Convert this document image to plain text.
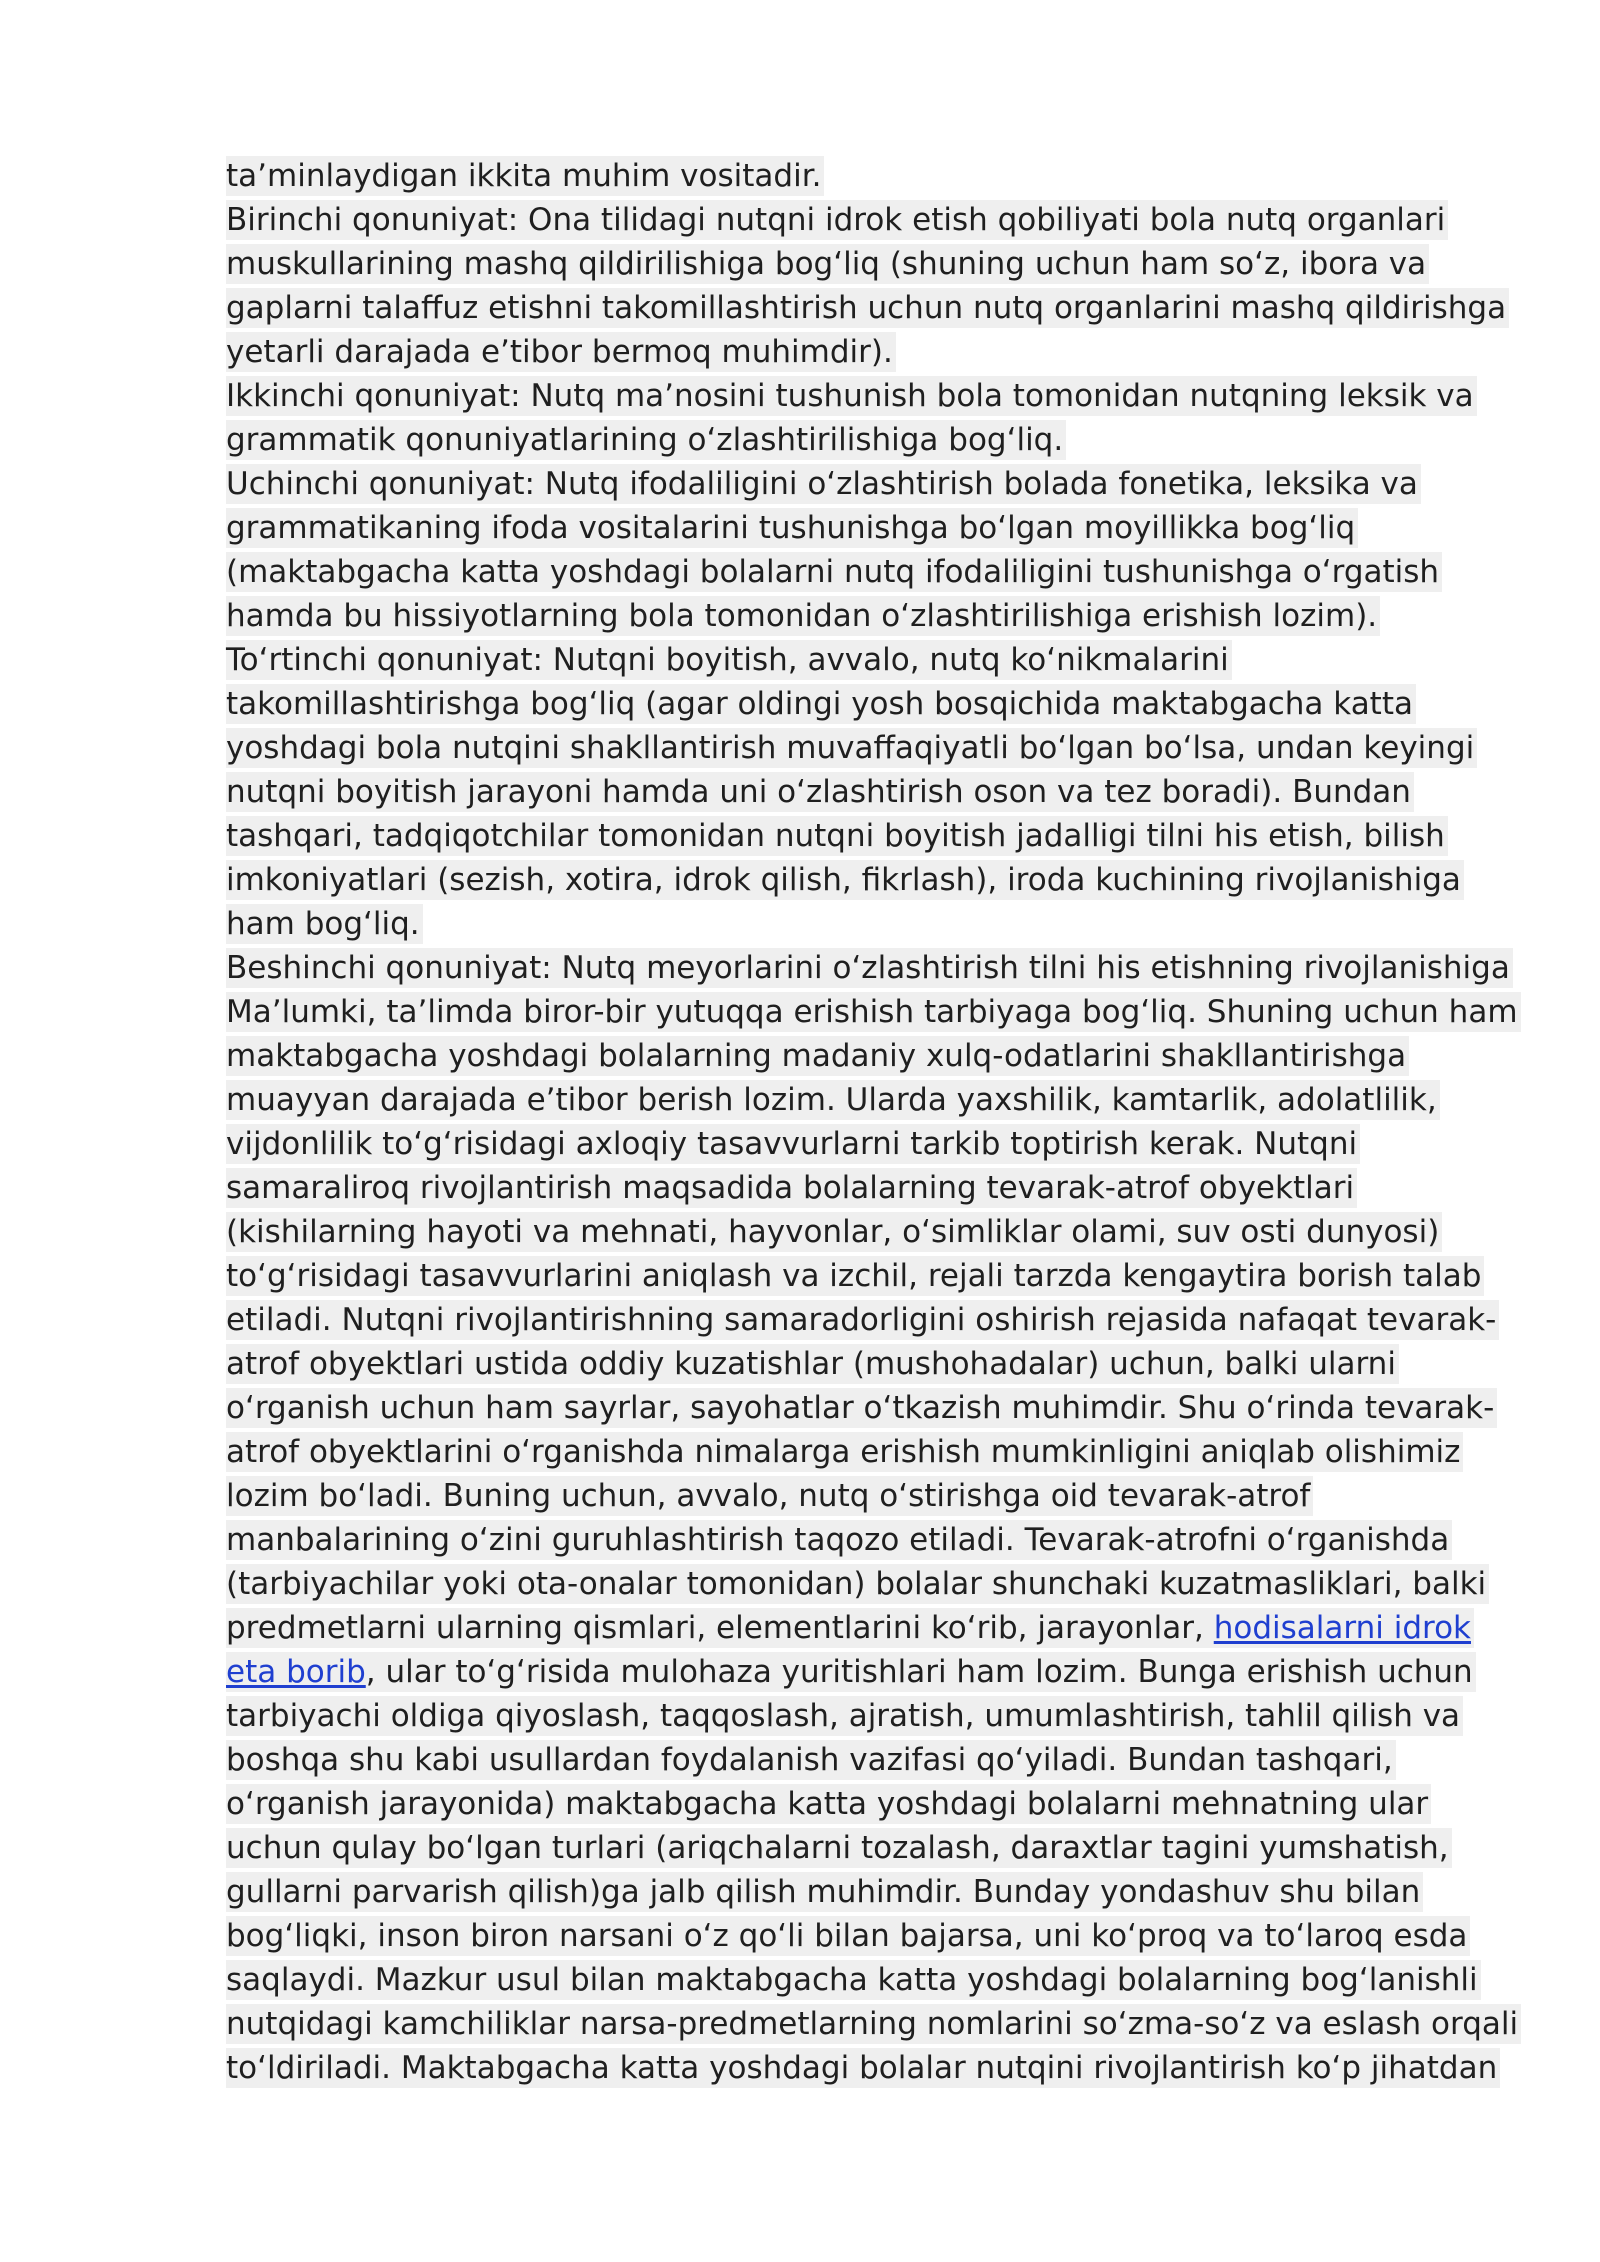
ta’minlaydigan ikkita muhim vositadir.
Birinchi qonuniyat: Ona tilidagi nutqni idrok etish qobiliyati bola nutq organlari
muskullarining mashq qildirilishiga bog‘liq (shuning uchun ham so‘z, ibora va
gaplarni talaffuz etishni takomillashtirish uchun nutq organlarini mashq qildirishga
yetarli darajada e’tibor bermoq muhimdir).
Ikkinchi qonuniyat: Nutq ma’nosini tushunish bola tomonidan nutqning leksik va
grammatik qonuniyatlarining o‘zlashtirilishiga bog‘liq.
Uchinchi qonuniyat: Nutq ifodaliligini o‘zlashtirish bolada fonetika, leksika va
grammatikaning ifoda vositalarini tushunishga bo‘lgan moyillikka bog‘liq
(maktabgacha katta yoshdagi bolalarni nutq ifodaliligini tushunishga o‘rgatish
hamda bu hissiyotlarning bola tomonidan o‘zlashtirilishiga erishish lozim).
To‘rtinchi qonuniyat: Nutqni boyitish, avvalo, nutq ko‘nikmalarini
takomillashtirishga bog‘liq (agar oldingi yosh bosqichida maktabgacha katta
yoshdagi bola nutqini shakllantirish muvaffaqiyatli bo‘lgan bo‘lsa, undan keyingi
nutqni boyitish jarayoni hamda uni o‘zlashtirish oson va tez boradi). Bundan
tashqari, tadqiqotchilar tomonidan nutqni boyitish jadalligi tilni his etish, bilish
imkoniyatlari (sezish, xotira, idrok qilish, fikrlash), iroda kuchining rivojlanishiga
ham bog‘liq.
Beshinchi qonuniyat: Nutq meyorlarini o‘zlashtirish tilni his etishning rivojlanishiga
Ma’lumki, ta’limda biror-bir yutuqqa erishish tarbiyaga bog‘liq. Shuning uchun ham
maktabgacha yoshdagi bolalarning madaniy xulq-odatlarini shakllantirishga
muayyan darajada e’tibor berish lozim. Ularda yaxshilik, kamtarlik, adolatlilik,
vijdonlilik to‘g‘risidagi axloqiy tasavvurlarni tarkib toptirish kerak. Nutqni
samaraliroq rivojlantirish maqsadida bolalarning tevarak-atrof obyektlari
(kishilarning hayoti va mehnati, hayvonlar, o‘simliklar olami, suv osti dunyosi)
to‘g‘risidagi tasavvurlarini aniqlash va izchil, rejali tarzda kengaytira borish talab
etiladi. Nutqni rivojlantirishning samaradorligini oshirish rejasida nafaqat tevarak-
atrof obyektlari ustida oddiy kuzatishlar (mushohadalar) uchun, balki ularni
o‘rganish uchun ham sayrlar, sayohatlar o‘tkazish muhimdir. Shu o‘rinda tevarak-
atrof obyektlarini o‘rganishda nimalarga erishish mumkinligini aniqlab olishimiz
lozim bo‘ladi. Buning uchun, avvalo, nutq o‘stirishga oid tevarak-atrof
manbalarining o‘zini guruhlashtirish taqozo etiladi. Tevarak-atrofni o‘rganishda
(tarbiyachilar yoki ota-onalar tomonidan) bolalar shunchaki kuzatmasliklari, balki
predmetlarni ularning qismlari, elementlarini ko‘rib, jarayonlar, hodisalarni idrok
eta borib, ular to‘g‘risida mulohaza yuritishlari ham lozim. Bunga erishish uchun
tarbiyachi oldiga qiyoslash, taqqoslash, ajratish, umumlashtirish, tahlil qilish va
boshqa shu kabi usullardan foydalanish vazifasi qo‘yiladi. Bundan tashqari,
o‘rganish jarayonida) maktabgacha katta yoshdagi bolalarni mehnatning ular
uchun qulay bo‘lgan turlari (ariqchalarni tozalash, daraxtlar tagini yumshatish,
gullarni parvarish qilish)ga jalb qilish muhimdir. Bunday yondashuv shu bilan
bog‘liqki, inson biron narsani o‘z qo‘li bilan bajarsa, uni ko‘proq va to‘laroq esda
saqlaydi. Mazkur usul bilan maktabgacha katta yoshdagi bolalarning bog‘lanishli
nutqidagi kamchiliklar narsa-predmetlarning nomlarini so‘zma-so‘z va eslash orqali
to‘ldiriladi. Maktabgacha katta yoshdagi bolalar nutqini rivojlantirish ko‘p jihatdan
